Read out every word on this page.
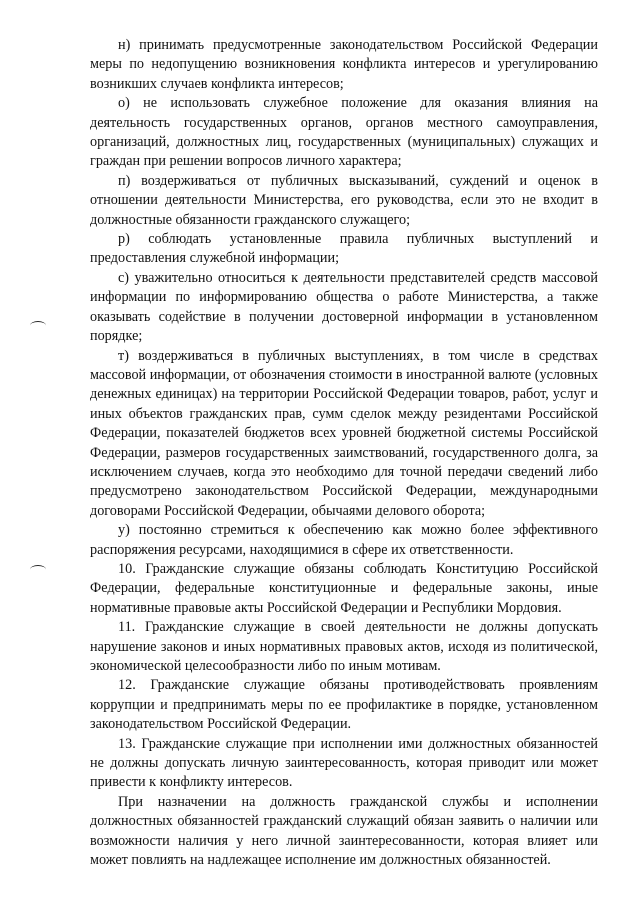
н) принимать предусмотренные законодательством Российской Федерации меры по недопущению возникновения конфликта интересов и урегулированию возникших случаев конфликта интересов;

о) не использовать служебное положение для оказания влияния на деятельность государственных органов, органов местного самоуправления, организаций, должностных лиц, государственных (муниципальных) служащих и граждан при решении вопросов личного характера;

п) воздерживаться от публичных высказываний, суждений и оценок в отношении деятельности Министерства, его руководства, если это не входит в должностные обязанности гражданского служащего;

р) соблюдать установленные правила публичных выступлений и предоставления служебной информации;

с) уважительно относиться к деятельности представителей средств массовой информации по информированию общества о работе Министерства, а также оказывать содействие в получении достоверной информации в установленном порядке;

т) воздерживаться в публичных выступлениях, в том числе в средствах массовой информации, от обозначения стоимости в иностранной валюте (условных денежных единицах) на территории Российской Федерации товаров, работ, услуг и иных объектов гражданских прав, сумм сделок между резидентами Российской Федерации, показателей бюджетов всех уровней бюджетной системы Российской Федерации, размеров государственных заимствований, государственного долга, за исключением случаев, когда это необходимо для точной передачи сведений либо предусмотрено законодательством Российской Федерации, международными договорами Российской Федерации, обычаями делового оборота;

у) постоянно стремиться к обеспечению как можно более эффективного распоряжения ресурсами, находящимися в сфере их ответственности.

10. Гражданские служащие обязаны соблюдать Конституцию Российской Федерации, федеральные конституционные и федеральные законы, иные нормативные правовые акты Российской Федерации и Республики Мордовия.

11. Гражданские служащие в своей деятельности не должны допускать нарушение законов и иных нормативных правовых актов, исходя из политической, экономической целесообразности либо по иным мотивам.

12. Гражданские служащие обязаны противодействовать проявлениям коррупции и предпринимать меры по ее профилактике в порядке, установленном законодательством Российской Федерации.

13. Гражданские служащие при исполнении ими должностных обязанностей не должны допускать личную заинтересованность, которая приводит или может привести к конфликту интересов.

При назначении на должность гражданской службы и исполнении должностных обязанностей гражданский служащий обязан заявить о наличии или возможности наличия у него личной заинтересованности, которая влияет или может повлиять на надлежащее исполнение им должностных обязанностей.
